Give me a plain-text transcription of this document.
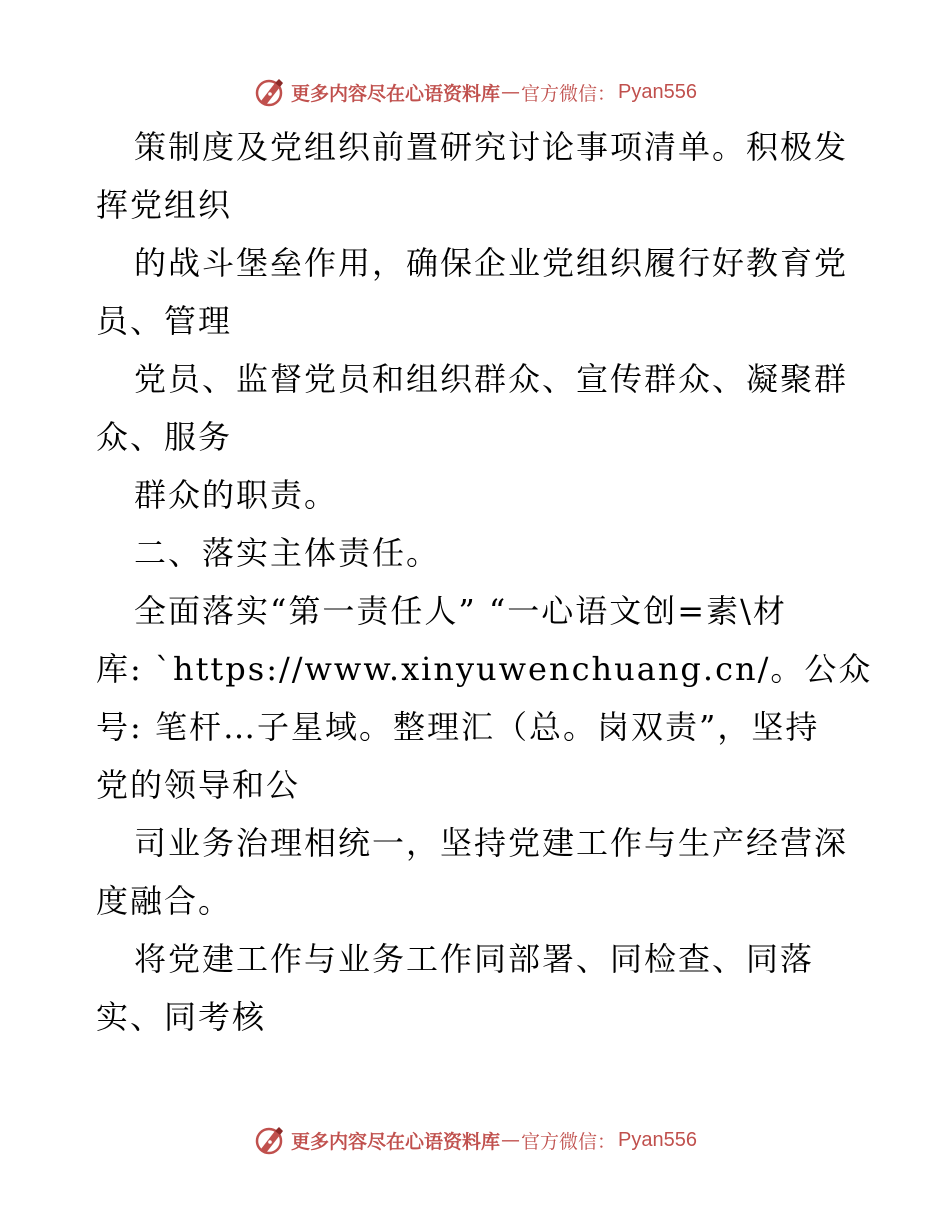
更多内容尽在心语资料库 — 官方微信： Pyan556
策制度及党组织前置研究讨论事项清单。积极发
挥党组织
的战斗堡垒作用，确保企业党组织履行好教育党
员、管理
党员、监督党员和组织群众、宣传群众、凝聚群
众、服务
群众的职责。
二、落实主体责任。
全面落实“第一责任人” “一心语文创=素\材
库: `https://www.xinyuwenchuang.cn/。公众
号: 笔杆…子星域。整理汇（总。岗双责”，坚持
党的领导和公
司业务治理相统一，坚持党建工作与生产经营深
度融合。
将党建工作与业务工作同部署、同检查、同落
实、同考核
更多内容尽在心语资料库 — 官方微信： Pyan556
